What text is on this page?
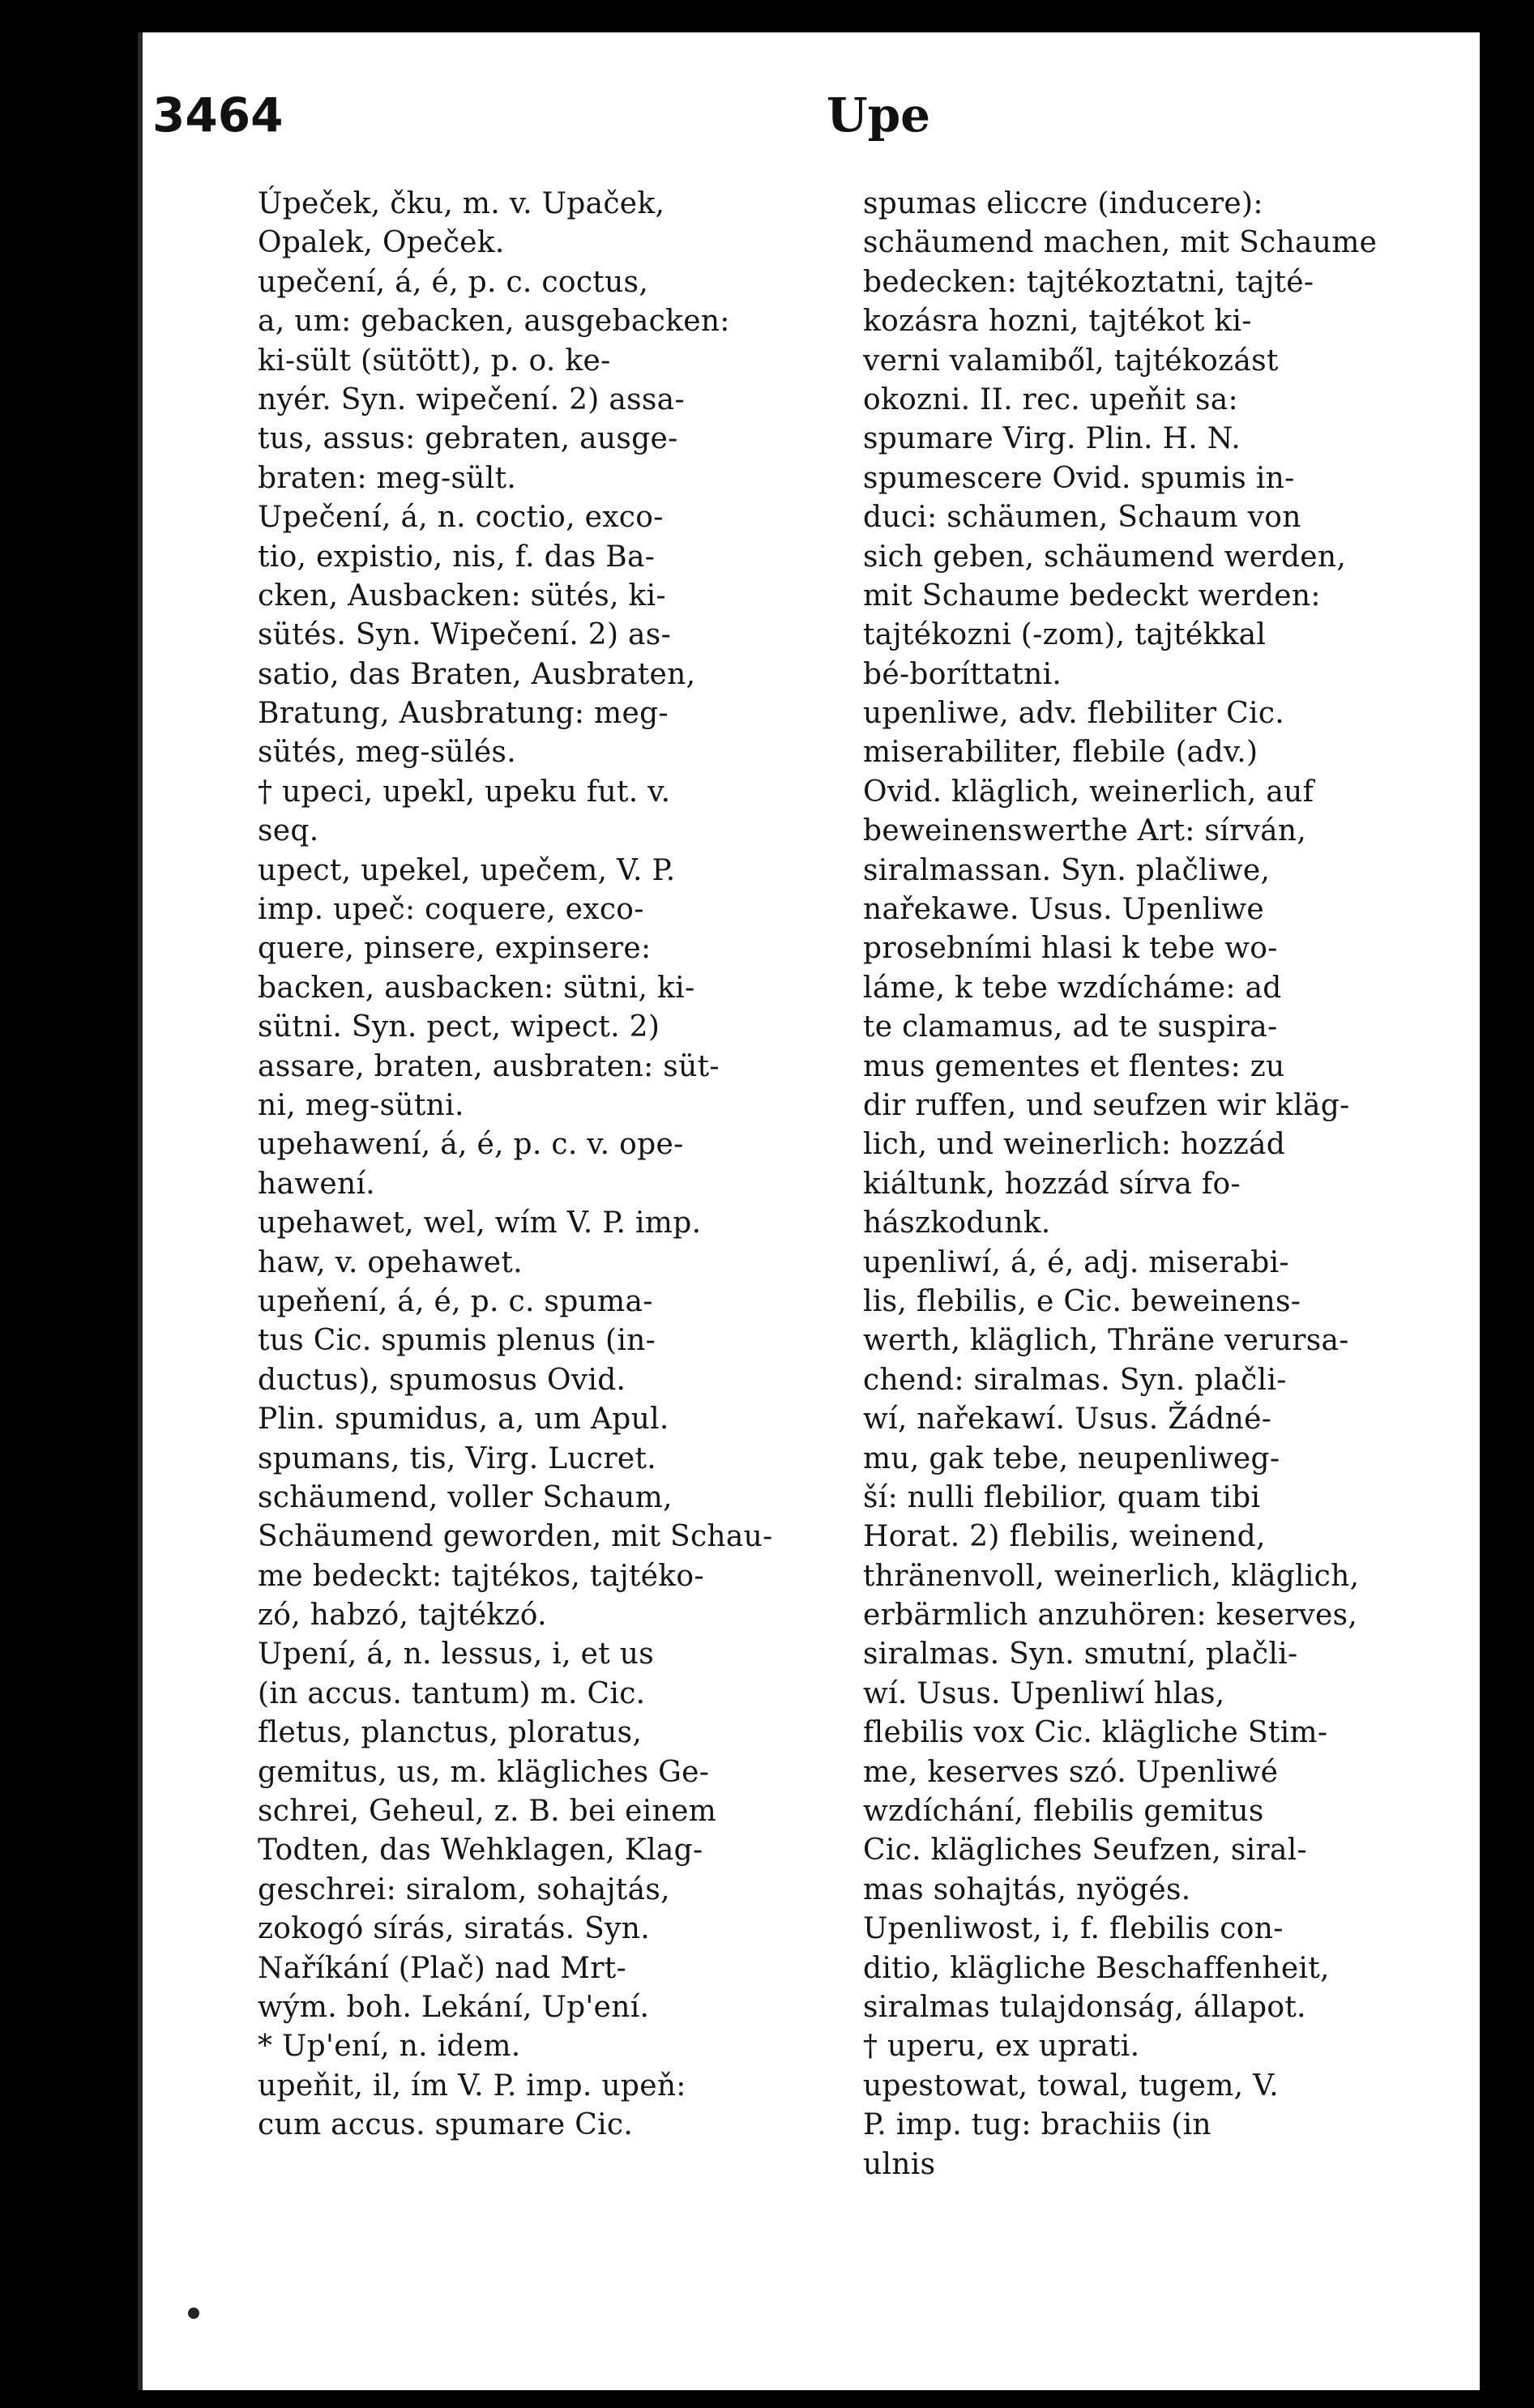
3464	Upe
Úpeček, čku, m. v. Upaček,
Opalek, Opeček.
upečení, á, é, p. c. coctus,
a, um: gebacken, ausgebacken:
ki-sült (sütött), p. o. ke-
nyér. Syn. wipečení. 2) assa-
tus, assus: gebraten, ausge-
braten: meg-sült.
Upečení, á, n. coctio, exco-
tio, expistio, nis, f. das Ba-
cken, Ausbacken: sütés, ki-
sütés. Syn. Wipečení. 2) as-
satio, das Braten, Ausbraten,
Bratung, Ausbratung: meg-
sütés, meg-sülés.
† upeci, upekl, upeku fut. v.
seq.
upect, upekel, upečem, V. P.
imp. upeč: coquere, exco-
quere, pinsere, expinsere:
backen, ausbacken: sütni, ki-
sütni. Syn. pect, wipect. 2)
assare, braten, ausbraten: süt-
ni, meg-sütni.
upehawení, á, é, p. c. v. ope-
hawení.
upehawet, wel, wím V. P. imp.
haw, v. opehawet.
upeňení, á, é, p. c. spuma-
tus Cic. spumis plenus (in-
ductus), spumosus Ovid.
Plin. spumidus, a, um Apul.
spumans, tis, Virg. Lucret.
schäumend, voller Schaum,
Schäumend geworden, mit Schau-
me bedeckt: tajtékos, tajtéko-
zó, habzó, tajtékzó.
Upení, á, n. lessus, i, et us
(in accus. tantum) m. Cic.
fletus, planctus, ploratus,
gemitus, us, m. klägliches Ge-
schrei, Geheul, z. B. bei einem
Todten, das Wehklagen, Klag-
geschrei: siralom, sohajtás,
zokogó sírás, siratás. Syn.
Naříkání (Plač) nad Mrt-
wým. boh. Lekání, Up'ení.
* Up'ení, n. idem.
upeňit, il, ím V. P. imp. upeň:
cum accus. spumare Cic.
spumas eliccre (inducere):
schäumend machen, mit Schaume
bedecken: tajtékoztatni, tajté-
kozásra hozni, tajtékot ki-
verni valamiből, tajtékozást
okozni. II. rec. upeňit sa:
spumare Virg. Plin. H. N.
spumescere Ovid. spumis in-
duci: schäumen, Schaum von
sich geben, schäumend werden,
mit Schaume bedeckt werden:
tajtékozni (-zom), tajtékkal
bé-boríttatni.
upenliwe, adv. flebiliter Cic.
miserabiliter, flebile (adv.)
Ovid. kläglich, weinerlich, auf
beweinenswerthe Art: sírván,
siralmassan. Syn. plačliwe,
nařekawe. Usus. Upenliwe
prosebními hlasi k tebe wo-
láme, k tebe wzdícháme: ad
te clamamus, ad te suspira-
mus gementes et flentes: zu
dir ruffen, und seufzen wir kläg-
lich, und weinerlich: hozzád
kiáltunk, hozzád sírva fo-
hászkodunk.
upenliwí, á, é, adj. miserabi-
lis, flebilis, e Cic. beweinens-
werth, kläglich, Thräne verursa-
chend: siralmas. Syn. plačli-
wí, nařekawí. Usus. Žádné-
mu, gak tebe, neupenliweg-
ší: nulli flebilior, quam tibi
Horat. 2) flebilis, weinend,
thränenvoll, weinerlich, kläglich,
erbärmlich anzuhören: keserves,
siralmas. Syn. smutní, plačli-
wí. Usus. Upenliwí hlas,
flebilis vox Cic. klägliche Stim-
me, keserves szó. Upenliwé
wzdíchání, flebilis gemitus
Cic. klägliches Seufzen, siral-
mas sohajtás, nyögés.
Upenliwost, i, f. flebilis con-
ditio, klägliche Beschaffenheit,
siralmas tulajdonság, állapot.
† uperu, ex uprati.
upestowat, towal, tugem, V.
P. imp. tug: brachiis (in
ulnis
